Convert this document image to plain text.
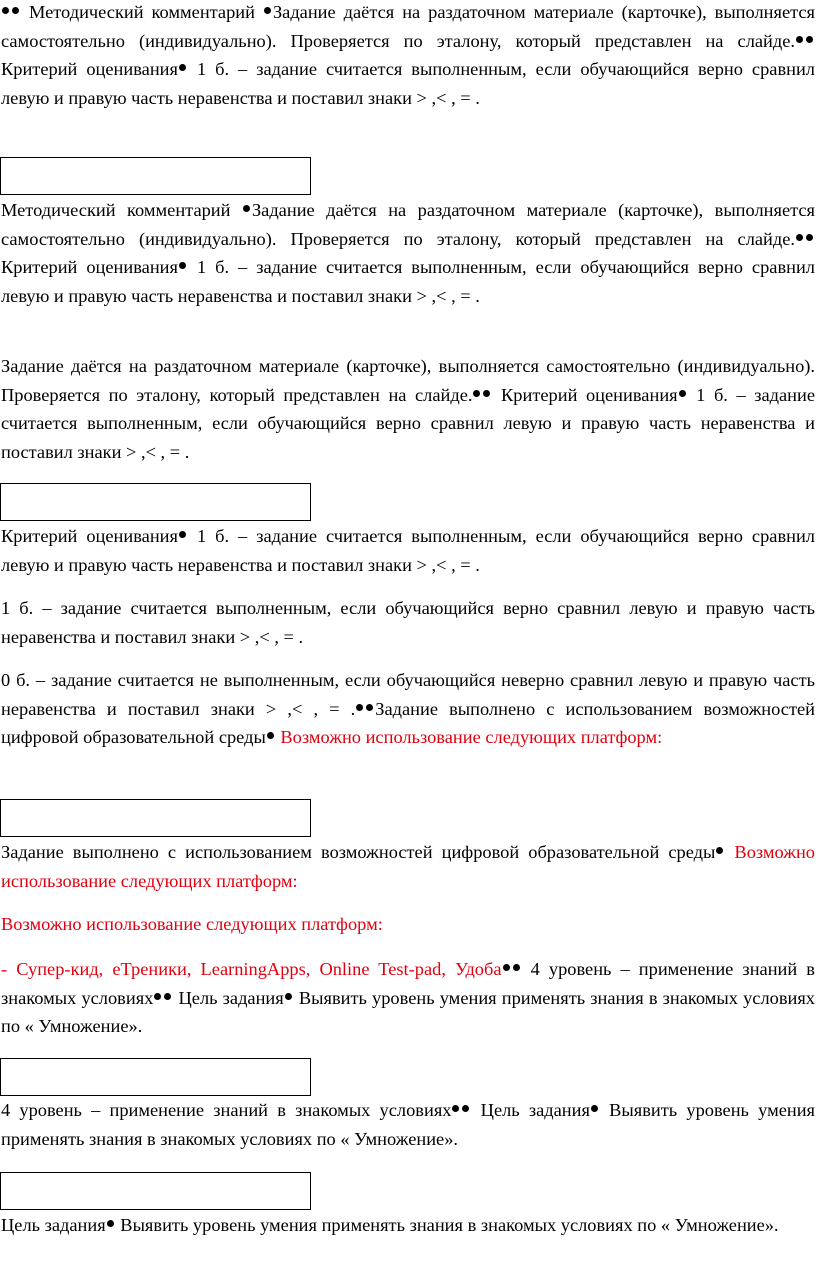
Методический комментарий Задание даётся на раздаточном материале (карточке), выполняется самостоятельно (индивидуально). Проверяется по эталону, который представлен на слайде. Критерий оценивания 1 б. – задание считается выполненным, если обучающийся верно сравнил левую и правую часть неравенства и поставил знаки > ,< , = .

Методический комментарий Задание даётся на раздаточном материале (карточке), выполняется самостоятельно (индивидуально). Проверяется по эталону, который представлен на слайде. Критерий оценивания 1 б. – задание считается выполненным, если обучающийся верно сравнил левую и правую часть неравенства и поставил знаки > ,< , = .

Задание даётся на раздаточном материале (карточке), выполняется самостоятельно (индивидуально). Проверяется по эталону, который представлен на слайде. Критерий оценивания 1 б. – задание считается выполненным, если обучающийся верно сравнил левую и правую часть неравенства и поставил знаки > ,< , = .

Критерий оценивания 1 б. – задание считается выполненным, если обучающийся верно сравнил левую и правую часть неравенства и поставил знаки > ,< , = .

1 б. – задание считается выполненным, если обучающийся верно сравнил левую и правую часть неравенства и поставил знаки > ,< , = .

0 б. – задание считается не выполненным, если обучающийся неверно сравнил левую и правую часть неравенства и поставил знаки > ,< , = . Задание выполнено с использованием возможностей цифровой образовательной среды Возможно использование следующих платформ:

Задание выполнено с использованием возможностей цифровой образовательной среды Возможно использование следующих платформ:

Возможно использование следующих платформ:

- Супер-кид, еТреники, LearningApps, Online Test-pad, Удоба 4 уровень – применение знаний в знакомых условиях Цель задания Выявить уровень умения применять знания в знакомых условиях по « Умножение».

4 уровень – применение знаний в знакомых условиях Цель задания Выявить уровень умения применять знания в знакомых условиях по « Умножение».

Цель задания Выявить уровень умения применять знания в знакомых условиях по « Умножение».
